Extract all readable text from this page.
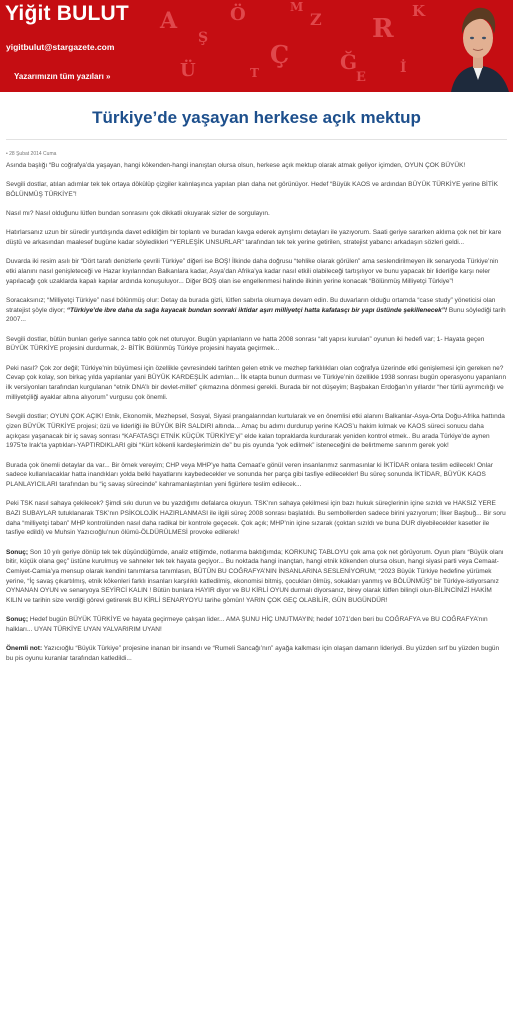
A
Ş
Ö
Ç
Z
Ğ
R
İ
K
Ü	T
M
E
Yiğit BULUT
yigitbulut@stargazete.com
Yazarımızın tüm yazıları »
Türkiye’de yaşayan herkese açık mektup
• 28 Şubat 2014 Cuma

Asında başlığı “Bu coğrafya’da yaşayan, hangi kökenden-hangi inanıştan olursa olsun, herkese açık mektup olarak atmak geliyor içimden, OYUN ÇOK BÜYÜK!

Sevgili dostlar, atılan adımlar tek tek ortaya dökülüp çizgiler kalınlaşınca yapılan plan daha net görünüyor. Hedef “Büyük KAOS ve ardından BÜYÜK TÜRKİYE yerine BİTİK BÖLÜNMÜŞ TÜRKİYE”!

Nasıl mı? Nasıl olduğunu lütfen bundan sonrasını çok dikkatli okuyarak sizler de sorgulayın.

Hatırlarsanız uzun bir süredir yurtdışında davet edildiğim bir toplantı ve buradan kavga ederek ayrışlımı detayları ile yazıyorum. Saati geriye sararken aklıma çok net bir kare düştü ve arkasından maalesef bugüne kadar söyledikleri “YERLEŞİK UNSURLAR” tarafından tek tek yerine getirilen, stratejist yabancı arkadaşın sözleri geldi...

Duvarda iki resim asılı bir “Dört tarafı denizlerle çevrili Türkiye” diğeri ise BOŞ! İlkinde daha doğrusu “tehlike olarak görülen” ama seslendirilmeyen ilk senaryoda Türkiye’nin etki alanını nasıl genişleteceği ve Hazar kıyılarından Balkanlara kadar, Asya’dan Afrika’ya kadar nasıl etkili olabileceği tartışılıyor ve bunu yapacak bir liderliğe karşı neler yapılacağı çok uzaklarda kapalı kapılar ardında konuşuluyor... Diğer BOŞ olan ise engellenmesi halinde ilkinin yerine konacak “Bölünmüş Milliyetçi Türkiye”!

Soracaksınız; “Milliyetçi Türkiye” nasıl bölünmüş olur: Detay da burada gizli, lütfen sabırla okumaya devam edin. Bu duvarların olduğu ortamda “case study” yöneticisi olan stratejist şöyle diyor; “Türkiye’de ibre daha da sağa kayacak bundan sonraki iktidar aşırı milliyetçi hatta kafatasçı bir yapı üstünde şekillenecek”! Bunu söylediği tarih 2007...

Sevgili dostlar, bütün bunları geriye sarınca tablo çok net oturuyor. Bugün yapılanların ve hatta 2008 sonrası “alt yapısı kurulan” oyunun iki hedefi var; 1- Hayata geçen BÜYÜK TÜRKİYE projesini durdurmak, 2- BİTİK Bölünmüş Türkiye projesini hayata geçirmek...

Peki nasıl? Çok zor değil; Türkiye’nin büyümesi için özellikle çevresindeki tarihten gelen etnik ve mezhep farklılıkları olan coğrafya üzerinde etki genişlemesi için gereken ne? Cevap çok kolay, son birkaç yılda yapılanlar yani BÜYÜK KARDEŞLİK adımları... İlk etapta bunun durması ve Türkiye’nin özellikle 1938 sonrası bugün operasyonu yapanların ilk versiyonları tarafından kurgulanan “etnik DNA’lı bir devlet-millet” çıkmazına dönmesi gerekli. Burada bir not düşeyim; Başbakan Erdoğan’ın yıllardır “her türlü ayrımcılığı ve milliyetçiliği ayaklar altına alıyorum” vurgusu çok önemli.

Sevgili dostlar; OYUN ÇOK AÇIK! Etnik, Ekonomik, Mezhepsel, Sosyal, Siyasi prangalarından kurtularak ve en önemlisi etki alanını Balkanlar-Asya-Orta Doğu-Afrika hattında çizen BÜYÜK TÜRKİYE projesi; özü ve liderliği ile BÜYÜK BİR SALDIRI altında... Amaç bu adımı durdurup yerine KAOS’u hakim kılmak ve KAOS süreci sonucu daha açıkçası yaşanacak bir iç savaş sonrası “KAFATASÇI ETNİK KÜÇÜK TÜRKİYE’yi” elde kalan topraklarda kurdurarak yeniden kontrol etmek.. Bu arada Türkiye’de aynen 1975’te Irak’ta yaptıkları-YAPTIRDIKLARI gibi “Kürt kökenli kardeşlerimizin de” bu pis oyunda “yok edilmek” isteneceğini de belirtmeme sanırım gerek yok!

Burada çok önemli detaylar da var... Bir örnek vereyim; CHP veya MHP’ye hatta Cemaat’e gönül veren insanlarımız sanmasınlar ki İKTİDAR onlara teslim edilecek! Onlar sadece kullanılacaklar hatta inandıkları yolda belki hayatlarını kaybedecekler ve sonunda her parça gibi tasfiye edilecekler! Bu süreç sonunda İKTİDAR, BÜYÜK KAOS PLANLAYICILARI tarafından bu “iç savaş sürecinde” kahramanlaştırılan yeni figürlere teslim edilecek...

Peki TSK nasıl sahaya çekilecek? Şimdi sıkı durun ve bu yazdığımı defalarca okuyun. TSK’nın sahaya çekilmesi için bazı hukuk süreçlerinin içine sızıldı ve HAKSIZ YERE BAZI SUBAYLAR tutuklanarak TSK’nın PSİKOLOJİK HAZIRLANMASI ile ilgili süreç 2008 sonrası başlatıldı. Bu sembollerden sadece birini yazıyorum; İlker Başbuğ... Bir soru daha “milliyetçi taban” MHP kontrolünden nasıl daha radikal bir kontrole geçecek. Çok açık; MHP’nin içine sızarak (çoktan sızıldı ve buna DUR diyebilecekler kasetler ile tasfiye edildi) ve Muhsin Yazıcıoğlu’nun ölümü-ÖLDÜRÜLMESİ provoke edilerek!

Sonuç; Son 10 yılı geriye dönüp tek tek düşündüğümde, analiz ettiğimde, notlarıma baktığımda; KORKUNÇ TABLOYU çok ama çok net görüyorum. Oyun planı “Büyük olanı bitir, küçük olana geç” üstüne kurulmuş ve sahneler tek tek hayata geçiyor... Bu noktada hangi inançtan, hangi etnik kökenden olursa olsun, hangi siyasi parti veya Cemaat-Cemiyet-Camia’ya mensup olarak kendini tanımlarsa tanımlasın, BÜTÜN BU COĞRAFYA’NIN İNSANLARINA SESLENİYORUM; “2023 Büyük Türkiye hedefine yürümek yerine, “İç savaş çıkartılmış, etnik kökenleri farklı insanları karşılıklı katledilmiş, ekonomisi bitmiş, çocukları ölmüş, sokakları yanmış ve BÖLÜNMÜŞ” bir Türkiye-istiyorsanız OYNANAN OYUN ve senaryoya SEYİRCİ KALIN ! Bütün bunlara HAYIR diyor ve BU KİRLİ OYUN durmalı diyorsanız, birey olarak lütfen bilinçli olun-BİLİNCİNİZİ HAKİM KILIN ve tarihin size verdiği görevi getirerek BU KİRLİ SENARYOYU tarihe gömün! YARIN ÇOK GEÇ OLABİLİR, GÜN BUGÜNDÜR!

Sonuç; Hedef bugün BÜYÜK TÜRKİYE ve hayata geçirmeye çalışan lider... AMA ŞUNU HİÇ UNUTMAYIN; hedef 1071’den beri bu COĞRAFYA ve BU COĞRAFYA’nın halkları... UYAN TÜRKİYE UYAN YALVARIRIM UYAN!

Önemli not: Yazıcıoğlu “Büyük Türkiye” projesine inanan bir insandı ve “Rumeli Sancağı’nın” ayağa kalkması için olaşan damarın lideriydi. Bu yüzden sırf bu yüzden bugün bu pis oyunu kuranlar tarafından katledildi...
